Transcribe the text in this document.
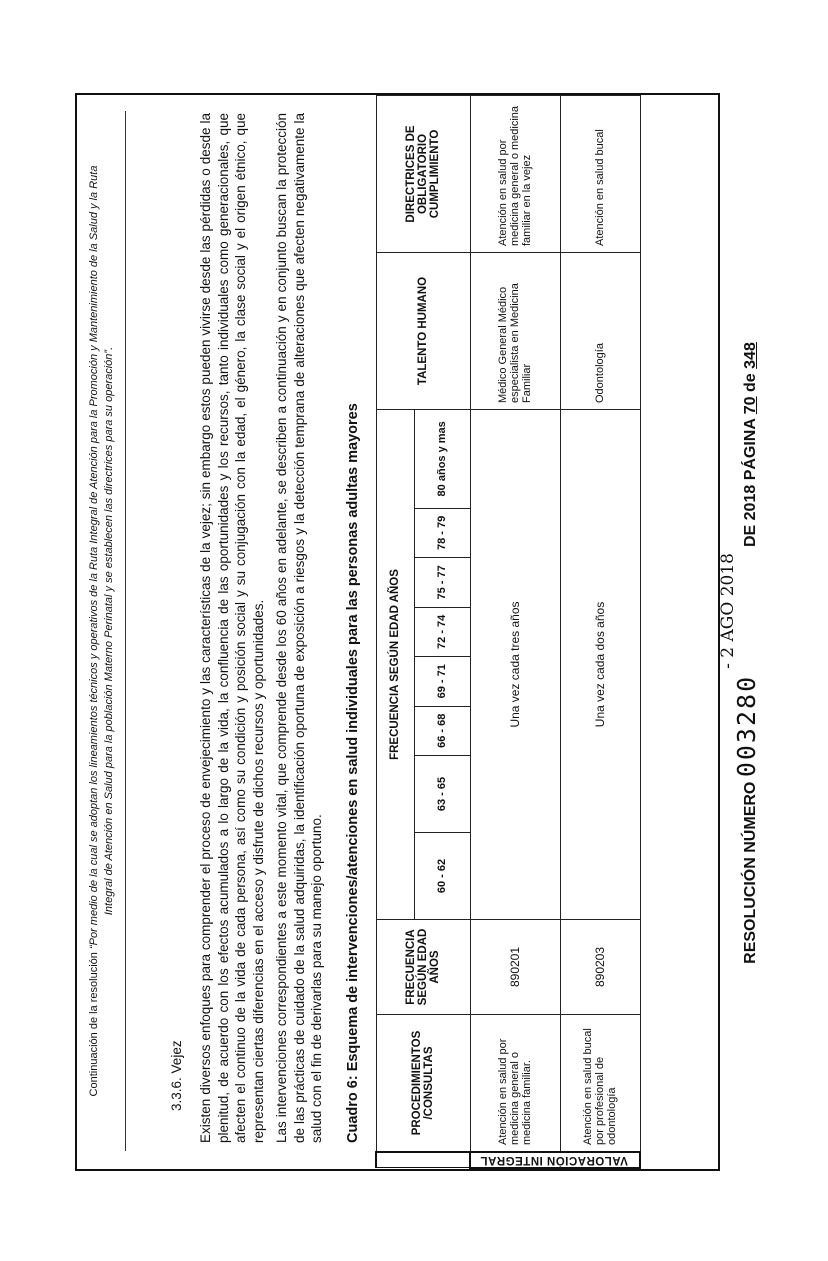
RESOLUCIÓN NÚMERO 003280- 2 AGO 2018DE 2018 PÁGINA 70 de 348
Continuación de la resolución “Por medio de la cual se adoptan los lineamientos técnicos y operativos de la Ruta Integral de Atención para la Promoción y Mantenimiento de la Salud y la Ruta Integral de Atención en Salud para la población Materno Perinatal y se establecen las directrices para su operación”.
3.3.6. Vejez Existen diversos enfoques para comprender el proceso de envejecimiento y las características de la vejez; sin embargo estos pueden vivirse desde las pérdidas o desde la plenitud, de acuerdo con los efectos acumulados a lo largo de la vida, la confluencia de las oportunidades y los recursos, tanto individuales como generacionales, que afecten el continuo de la vida de cada persona, así como su condición y posición social y su conjugación con la edad, el género, la clase social y el origen étnico, que representan ciertas diferencias en el acceso y disfrute de dichos recursos y oportunidades. Las intervenciones correspondientes a este momento vital, que comprende desde los 60 años en adelante, se describen a continuación y en conjunto buscan la protección de las prácticas de cuidado de la salud adquiridas, la identificación oportuna de exposición a riesgos y la detección temprana de alteraciones que afecten negativamente la salud con el fin de derivarlas para su manejo oportuno. Cuadro 6: Esquema de intervenciones/atenciones en salud individuales para las personas adultas mayores
		PROCEDIMIENTOS /CONSULTAS	FRECUENCIA SEGÚN EDAD AÑOS	FRECUENCIA SEGÚN EDAD AÑOS								TALENTO HUMANO	DIRECTRICES DE OBLIGATORIO CUMPLIMIENTO
			60 - 62	63 - 65	66 - 68	69 - 71	72 - 74	75 - 77	78 - 79	80 años y mas		
VALORACIÓN INTEGRAL	Atención en salud por medicina general o medicina familiar.	890201	Una vez cada tres años								Médico General Médico especialista en Medicina Familiar	Atención en salud por medicina general o medicina familiar en la vejez
	Atención en salud bucal por profesional de odontología	890203	Una vez cada dos años								Odontología	Atención en salud bucal
